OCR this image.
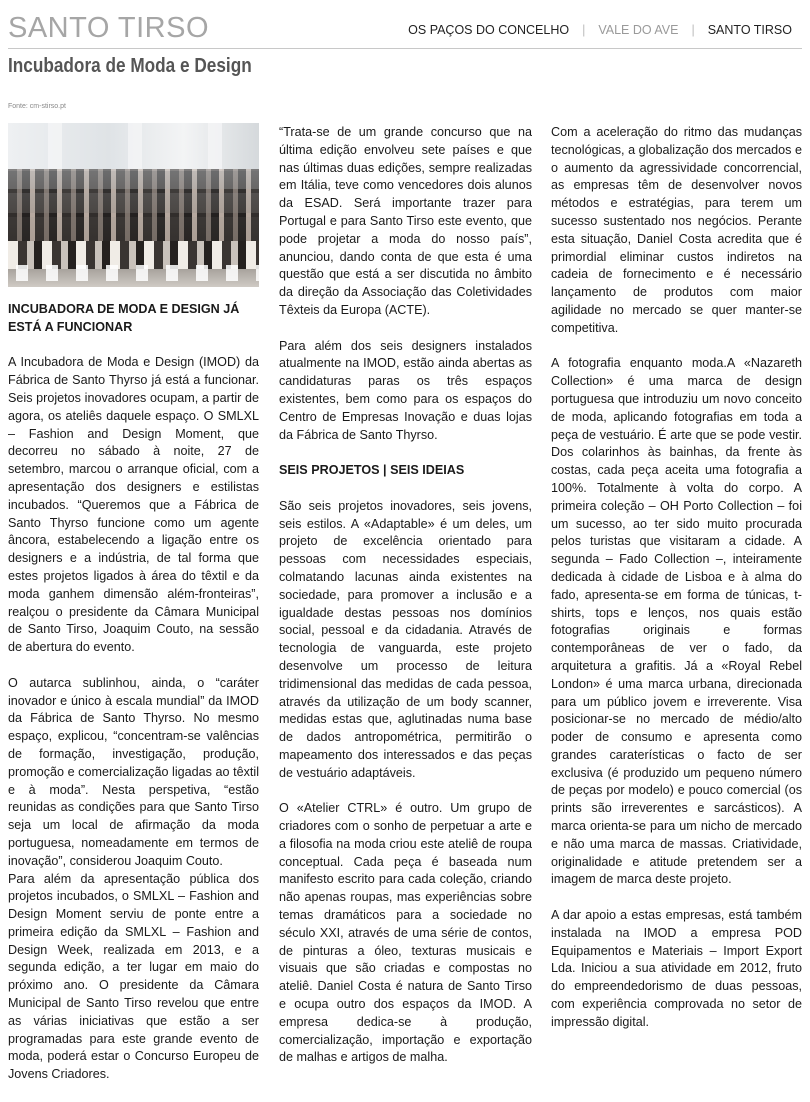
SANTO TIRSO	OS PAÇOS DO CONCELHO | VALE DO AVE | SANTO TIRSO
Incubadora de Moda e Design
Fonte: cm-stirso.pt
INCUBADORA DE MODA E DESIGN JÁ ESTÁ A FUNCIONAR

A Incubadora de Moda e Design (IMOD) da Fábrica de Santo Thyrso já está a funcionar. Seis projetos inovadores ocupam, a partir de agora, os ateliês daquele espaço. O SMLXL – Fashion and Design Moment, que decorreu no sábado à noite, 27 de setembro, marcou o arranque oficial, com a apresentação dos designers e estilistas incubados. “Queremos que a Fábrica de Santo Thyrso funcione como um agente âncora, estabelecendo a ligação entre os designers e a indústria, de tal forma que estes projetos ligados à área do têxtil e da moda ganhem dimensão além-fronteiras”, realçou o presidente da Câmara Municipal de Santo Tirso, Joaquim Couto, na sessão de abertura do evento.

O autarca sublinhou, ainda, o “caráter inovador e único à escala mundial” da IMOD da Fábrica de Santo Thyrso. No mesmo espaço, explicou, “concentram-se valências de formação, investigação, produção, promoção e comercialização ligadas ao têxtil e à moda”. Nesta perspetiva, “estão reunidas as condições para que Santo Tirso seja um local de afirmação da moda portuguesa, nomeadamente em termos de inovação”, considerou Joaquim Couto.

Para além da apresentação pública dos projetos incubados, o SMLXL – Fashion and Design Moment serviu de ponte entre a primeira edição da SMLXL – Fashion and Design Week, realizada em 2013, e a segunda edição, a ter lugar em maio do próximo ano. O presidente da Câmara Municipal de Santo Tirso revelou que entre as várias iniciativas que estão a ser programadas para este grande evento de moda, poderá estar o Concurso Europeu de Jovens Criadores.

“Trata-se de um grande concurso que na última edição envolveu sete países e que nas últimas duas edições, sempre realizadas em Itália, teve como vencedores dois alunos da ESAD. Será importante trazer para Portugal e para Santo Tirso este evento, que pode projetar a moda do nosso país”, anunciou, dando conta de que esta é uma questão que está a ser discutida no âmbito da direção da Associação das Coletividades Têxteis da Europa (ACTE).

Para além dos seis designers instalados atualmente na IMOD, estão ainda abertas as candidaturas paras os três espaços existentes, bem como para os espaços do Centro de Empresas Inovação e duas lojas da Fábrica de Santo Thyrso.

SEIS PROJETOS | SEIS IDEIAS

São seis projetos inovadores, seis jovens, seis estilos. A «Adaptable» é um deles, um projeto de excelência orientado para pessoas com necessidades especiais, colmatando lacunas ainda existentes na sociedade, para promover a inclusão e a igualdade destas pessoas nos domínios social, pessoal e da cidadania. Através de tecnologia de vanguarda, este projeto desenvolve um processo de leitura tridimensional das medidas de cada pessoa, através da utilização de um body scanner, medidas estas que, aglutinadas numa base de dados antropométrica, permitirão o mapeamento dos interessados e das peças de vestuário adaptáveis.

O «Atelier CTRL» é outro. Um grupo de criadores com o sonho de perpetuar a arte e a filosofia na moda criou este ateliê de roupa conceptual. Cada peça é baseada num manifesto escrito para cada coleção, criando não apenas roupas, mas experiências sobre temas dramáticos para a sociedade no século XXI, através de uma série de contos, de pinturas a óleo, texturas musicais e visuais que são criadas e compostas no ateliê. Daniel Costa é natura de Santo Tirso e ocupa outro dos espaços da IMOD. A empresa dedica-se à produção, comercialização, importação e exportação de malhas e artigos de malha.

Com a aceleração do ritmo das mudanças tecnológicas, a globalização dos mercados e o aumento da agressividade concorrencial, as empresas têm de desenvolver novos métodos e estratégias, para terem um sucesso sustentado nos negócios. Perante esta situação, Daniel Costa acredita que é primordial eliminar custos indiretos na cadeia de fornecimento e é necessário lançamento de produtos com maior agilidade no mercado se quer manter-se competitiva.

A fotografia enquanto moda.A «Nazareth Collection» é uma marca de design portuguesa que introduziu um novo conceito de moda, aplicando fotografias em toda a peça de vestuário. É arte que se pode vestir. Dos colarinhos às bainhas, da frente às costas, cada peça aceita uma fotografia a 100%. Totalmente à volta do corpo. A primeira coleção – OH Porto Collection – foi um sucesso, ao ter sido muito procurada pelos turistas que visitaram a cidade. A segunda – Fado Collection –, inteiramente dedicada à cidade de Lisboa e à alma do fado, apresenta-se em forma de túnicas, t-shirts, tops e lenços, nos quais estão fotografias originais e formas contemporâneas de ver o fado, da arquitetura a grafitis. Já a «Royal Rebel London» é uma marca urbana, direcionada para um público jovem e irreverente. Visa posicionar-se no mercado de médio/alto poder de consumo e apresenta como grandes caraterísticas o facto de ser exclusiva (é produzido um pequeno número de peças por modelo) e pouco comercial (os prints são irreverentes e sarcásticos). A marca orienta-se para um nicho de mercado e não uma marca de massas. Criatividade, originalidade e atitude pretendem ser a imagem de marca deste projeto.

A dar apoio a estas empresas, está também instalada na IMOD a empresa POD Equipamentos e Materiais – Import Export Lda. Iniciou a sua atividade em 2012, fruto do empreendedorismo de duas pessoas, com experiência comprovada no setor de impressão digital.
